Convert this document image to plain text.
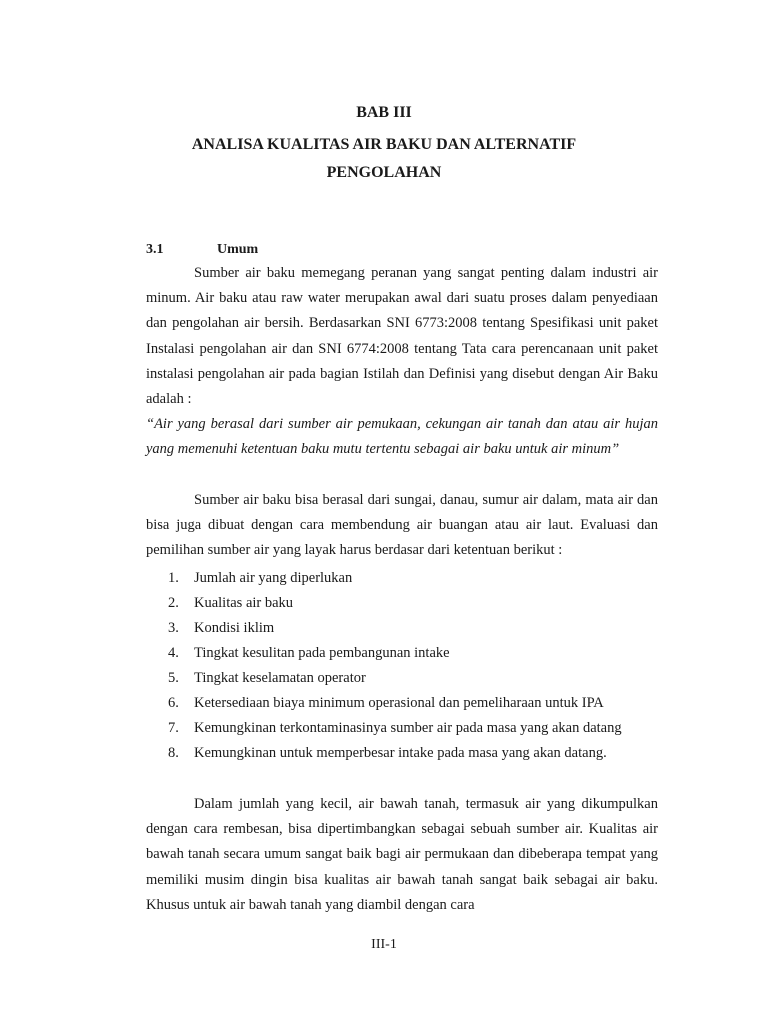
BAB III
ANALISA KUALITAS AIR BAKU DAN ALTERNATIF
PENGOLAHAN
3.1	Umum
Sumber air baku memegang peranan yang sangat penting dalam industri air minum. Air baku atau raw water merupakan awal dari suatu proses dalam penyediaan dan pengolahan air bersih. Berdasarkan SNI 6773:2008 tentang Spesifikasi unit paket Instalasi pengolahan air dan SNI 6774:2008 tentang Tata cara perencanaan unit paket instalasi pengolahan air pada bagian Istilah dan Definisi yang disebut dengan Air Baku adalah :
“Air yang berasal dari sumber air pemukaan, cekungan air tanah dan atau air hujan yang memenuhi ketentuan baku mutu tertentu sebagai air baku untuk air minum”
Sumber air baku bisa berasal dari sungai, danau, sumur air dalam, mata air dan bisa juga dibuat dengan cara membendung air buangan atau air laut. Evaluasi dan pemilihan sumber air yang layak harus berdasar dari ketentuan berikut :
1. Jumlah air yang diperlukan
2. Kualitas air baku
3. Kondisi iklim
4. Tingkat kesulitan pada pembangunan intake
5. Tingkat keselamatan operator
6. Ketersediaan biaya minimum operasional dan pemeliharaan untuk IPA
7. Kemungkinan terkontaminasinya sumber air pada masa yang akan datang
8. Kemungkinan untuk memperbesar intake pada masa yang akan datang.
Dalam jumlah yang kecil, air bawah tanah, termasuk air yang dikumpulkan dengan cara rembesan, bisa dipertimbangkan sebagai sebuah sumber air. Kualitas air bawah tanah secara umum sangat baik bagi air permukaan dan dibeberapa tempat yang memiliki musim dingin bisa kualitas air bawah tanah sangat baik sebagai air baku. Khusus untuk air bawah tanah yang diambil dengan cara
III-1
